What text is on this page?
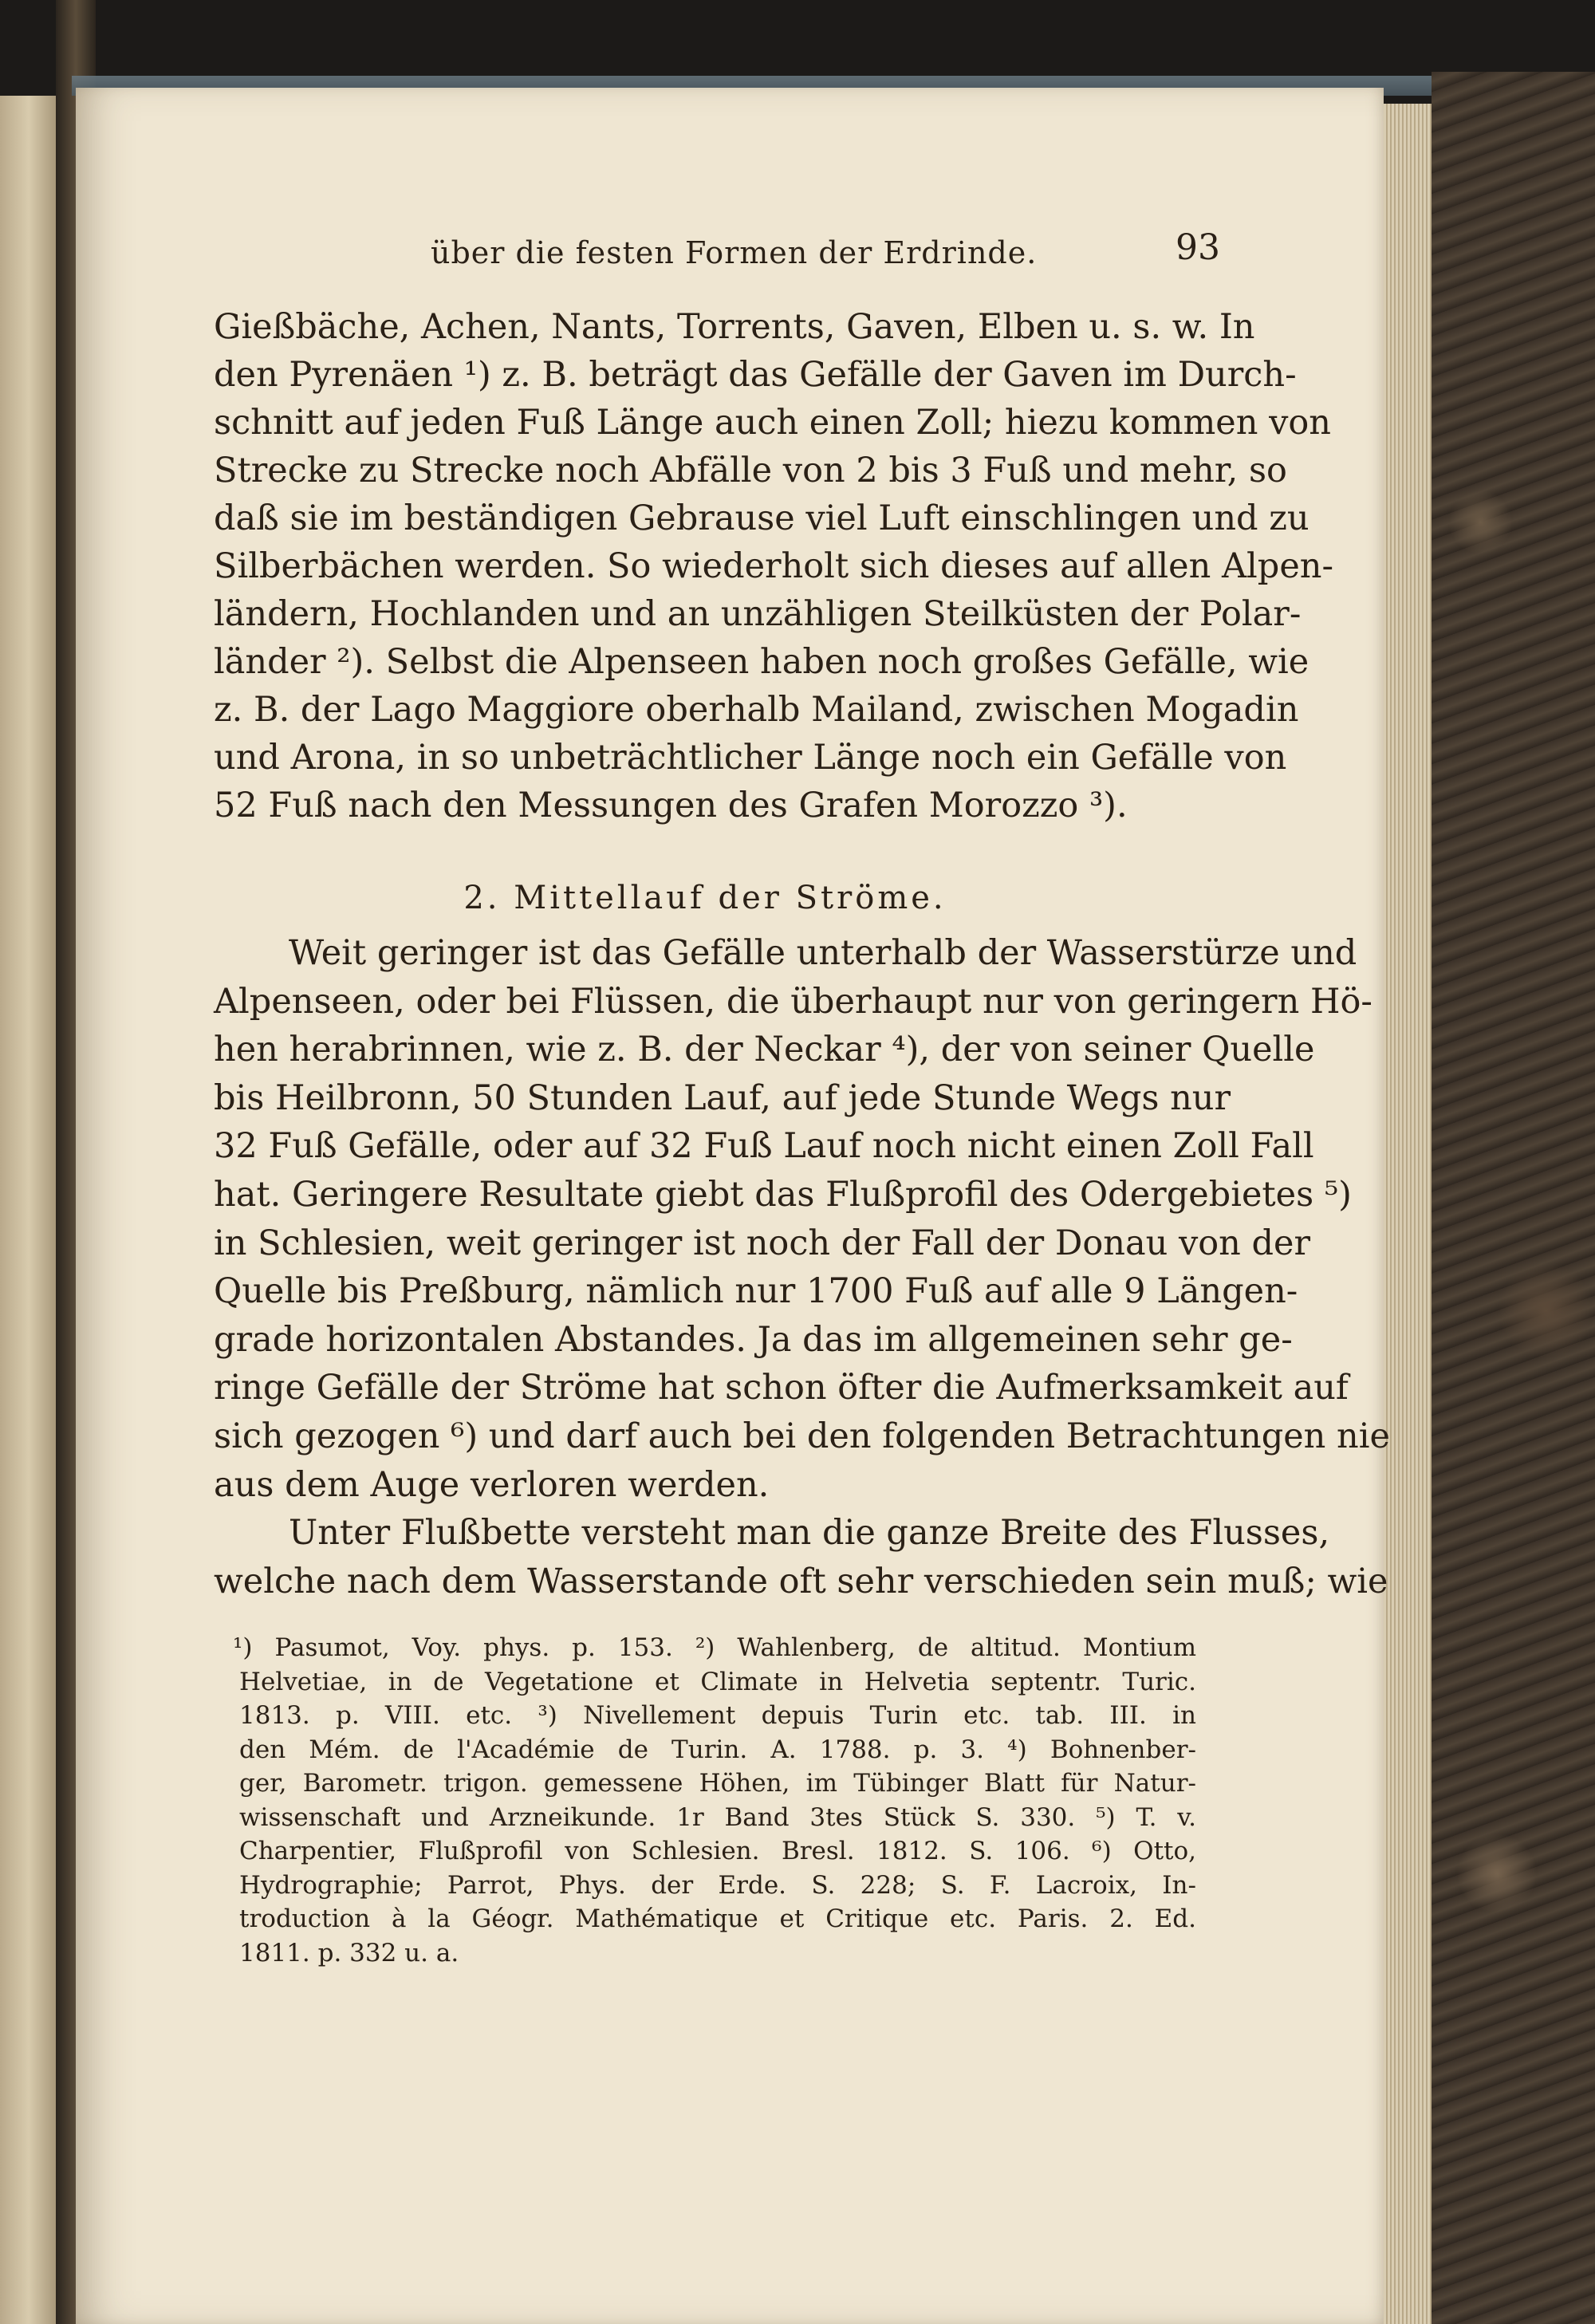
über die festen Formen der Erdrinde.	93
Gießbäche, Achen, Nants, Torrents, Gaven, Elben u. s. w. In
den Pyrenäen ¹) z. B. beträgt das Gefälle der Gaven im Durch-
schnitt auf jeden Fuß Länge auch einen Zoll; hiezu kommen von
Strecke zu Strecke noch Abfälle von 2 bis 3 Fuß und mehr, so
daß sie im beständigen Gebrause viel Luft einschlingen und zu
Silberbächen werden. So wiederholt sich dieses auf allen Alpen-
ländern, Hochlanden und an unzähligen Steilküsten der Polar-
länder ²). Selbst die Alpenseen haben noch großes Gefälle, wie
z. B. der Lago Maggiore oberhalb Mailand, zwischen Mogadin
und Arona, in so unbeträchtlicher Länge noch ein Gefälle von
52 Fuß nach den Messungen des Grafen Morozzo ³).
2. Mittellauf der Ströme.
Weit geringer ist das Gefälle unterhalb der Wasserstürze und
Alpenseen, oder bei Flüssen, die überhaupt nur von geringern Hö-
hen herabrinnen, wie z. B. der Neckar ⁴), der von seiner Quelle
bis Heilbronn, 50 Stunden Lauf, auf jede Stunde Wegs nur
32 Fuß Gefälle, oder auf 32 Fuß Lauf noch nicht einen Zoll Fall
hat. Geringere Resultate giebt das Flußprofil des Odergebietes ⁵)
in Schlesien, weit geringer ist noch der Fall der Donau von der
Quelle bis Preßburg, nämlich nur 1700 Fuß auf alle 9 Längen-
grade horizontalen Abstandes. Ja das im allgemeinen sehr ge-
ringe Gefälle der Ströme hat schon öfter die Aufmerksamkeit auf
sich gezogen ⁶) und darf auch bei den folgenden Betrachtungen nie
aus dem Auge verloren werden.
Unter Flußbette versteht man die ganze Breite des Flusses,
welche nach dem Wasserstande oft sehr verschieden sein muß; wie
¹) Pasumot, Voy. phys. p. 153. ²) Wahlenberg, de altitud. Montium
Helvetiae, in de Vegetatione et Climate in Helvetia septentr. Turic.
1813. p. VIII. etc. ³) Nivellement depuis Turin etc. tab. III. in
den Mém. de l'Académie de Turin. A. 1788. p. 3. ⁴) Bohnenber-
ger, Barometr. trigon. gemessene Höhen, im Tübinger Blatt für Natur-
wissenschaft und Arzneikunde. 1r Band 3tes Stück S. 330. ⁵) T. v.
Charpentier, Flußprofil von Schlesien. Bresl. 1812. S. 106. ⁶) Otto,
Hydrographie; Parrot, Phys. der Erde. S. 228; S. F. Lacroix, In-
troduction à la Géogr. Mathématique et Critique etc. Paris. 2. Ed.
1811. p. 332 u. a.
